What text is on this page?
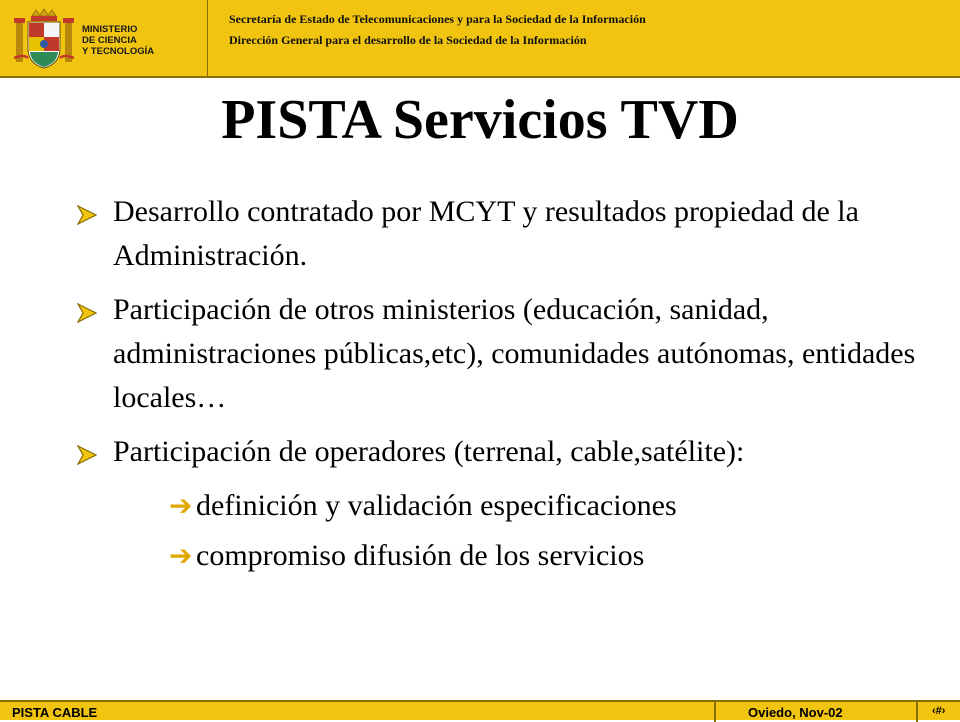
MINISTERIO
DE CIENCIA
Y TECNOLOGÍA
Secretaría de Estado de Telecomunicaciones y para la Sociedad de la Información
Dirección General para el desarrollo de la Sociedad de la Información
PISTA Servicios TVD
Desarrollo contratado por MCYT y resultados propiedad de la Administración.
Participación de otros ministerios (educación, sanidad, administraciones públicas,etc), comunidades autónomas, entidades locales…
Participación de operadores (terrenal, cable,satélite):
➔ definición y validación especificaciones
➔ compromiso difusión de los servicios
PISTA CABLE	Oviedo, Nov-02	‹#›
